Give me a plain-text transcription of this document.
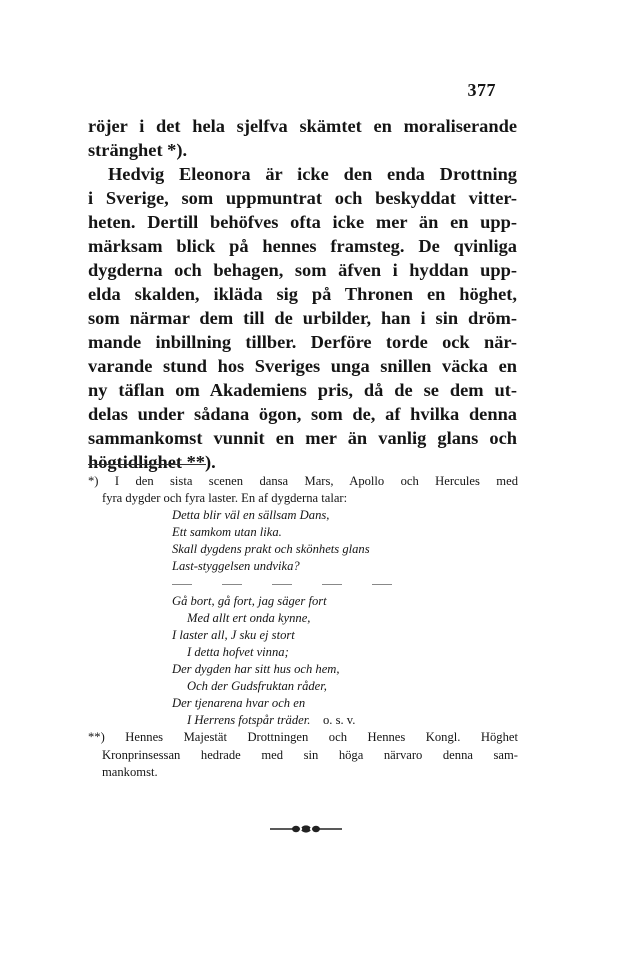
377
röjer i det hela sjelfva skämtet en moraliserande
stränghet *).
Hedvig Eleonora är icke den enda Drottning
i Sverige, som uppmuntrat och beskyddat vitter-
heten. Dertill behöfves ofta icke mer än en upp-
märksam blick på hennes framsteg. De qvinliga
dygderna och behagen, som äfven i hyddan upp-
elda skalden, ikläda sig på Thronen en höghet,
som närmar dem till de urbilder, han i sin dröm-
mande inbillning tillber. Derföre torde ock när-
varande stund hos Sveriges unga snillen väcka en
ny täflan om Akademiens pris, då de se dem ut-
delas under sådana ögon, som de, af hvilka denna
sammankomst vunnit en mer än vanlig glans och
högtidlighet **).
*) I den sista scenen dansa Mars, Apollo och Hercules med
fyra dygder och fyra laster. En af dygderna talar:
Detta blir väl en sällsam Dans,
Ett samkom utan lika.
Skall dygdens prakt och skönhets glans
Last-styggelsen undvika?
Gå bort, gå fort, jag säger fort
Med allt ert onda kynne,
I laster all, J sku ej stort
I detta hofvet vinna;
Der dygden har sitt hus och hem,
Och der Gudsfruktan råder,
Der tjenarena hvar och en
I Herrens fotspår träder. o. s. v.
**) Hennes Majestät Drottningen och Hennes Kongl. Höghet
Kronprinsessan hedrade med sin höga närvaro denna sam-
mankomst.
